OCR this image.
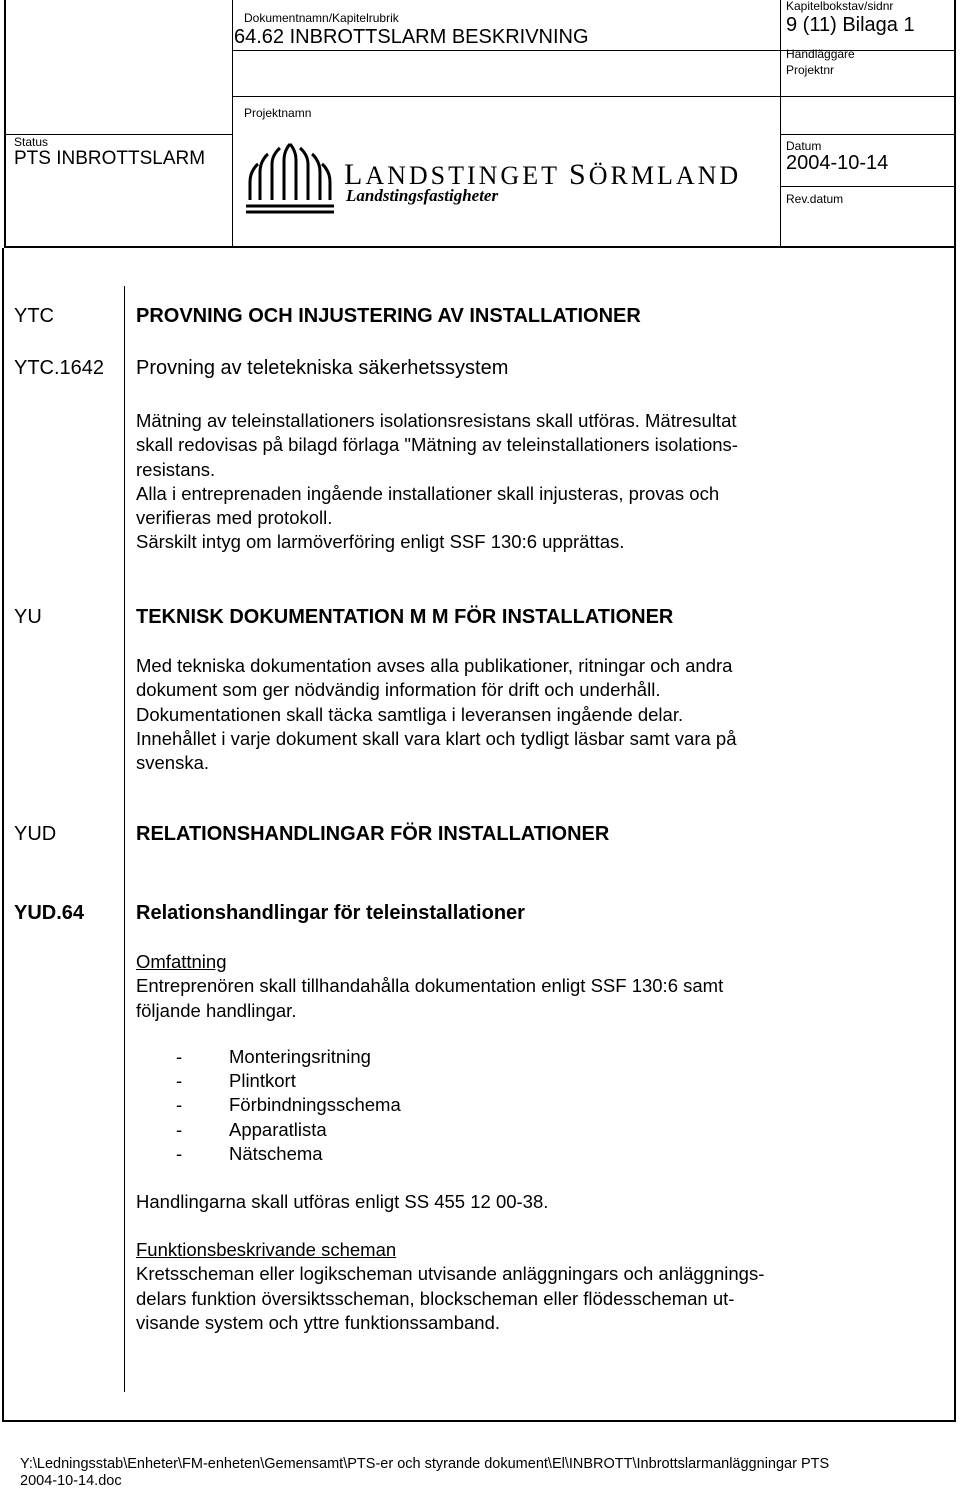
Dokumentnamn/Kapitelrubrik
64.62 INBROTTSLARM BESKRIVNING
Kapitelbokstav/sidnr
9 (11) Bilaga 1
Handläggare
Projektnr
Projektnamn
Status
PTS INBROTTSLARM
Datum
2004-10-14
Rev.datum
LANDSTINGET SÖRMLAND
Landstingsfastigheter
YTC	PROVNING OCH INJUSTERING AV INSTALLATIONER
YTC.1642 Provning av teletekniska säkerhetssystem
Mätning av teleinstallationers isolationsresistans skall utföras. Mätresultat
skall redovisas på bilagd förlaga "Mätning av teleinstallationers isolations-
resistans.
Alla i entreprenaden ingående installationer skall injusteras, provas och
verifieras med protokoll.
Särskilt intyg om larmöverföring enligt SSF 130:6 upprättas.
YU	TEKNISK DOKUMENTATION M M FÖR INSTALLATIONER
Med tekniska dokumentation avses alla publikationer, ritningar och andra
dokument som ger nödvändig information för drift och underhåll.
Dokumentationen skall täcka samtliga i leveransen ingående delar.
Innehållet i varje dokument skall vara klart och tydligt läsbar samt vara på
svenska.
YUD	RELATIONSHANDLINGAR FÖR INSTALLATIONER
YUD.64	Relationshandlingar för teleinstallationer
Omfattning
Entreprenören skall tillhandahålla dokumentation enligt SSF 130:6 samt
följande handlingar.
-	Monteringsritning
-	Plintkort
-	Förbindningsschema
-	Apparatlista
-	Nätschema
Handlingarna skall utföras enligt SS 455 12 00-38.
Funktionsbeskrivande scheman
Kretsscheman eller logikscheman utvisande anläggningars och anläggnings-
delars funktion översiktsscheman, blockscheman eller flödesscheman ut-
visande system och yttre funktionssamband.
Y:\Ledningsstab\Enheter\FM-enheten\Gemensamt\PTS-er och styrande dokument\El\INBROTT\Inbrottslarmanläggningar PTS
2004-10-14.doc
